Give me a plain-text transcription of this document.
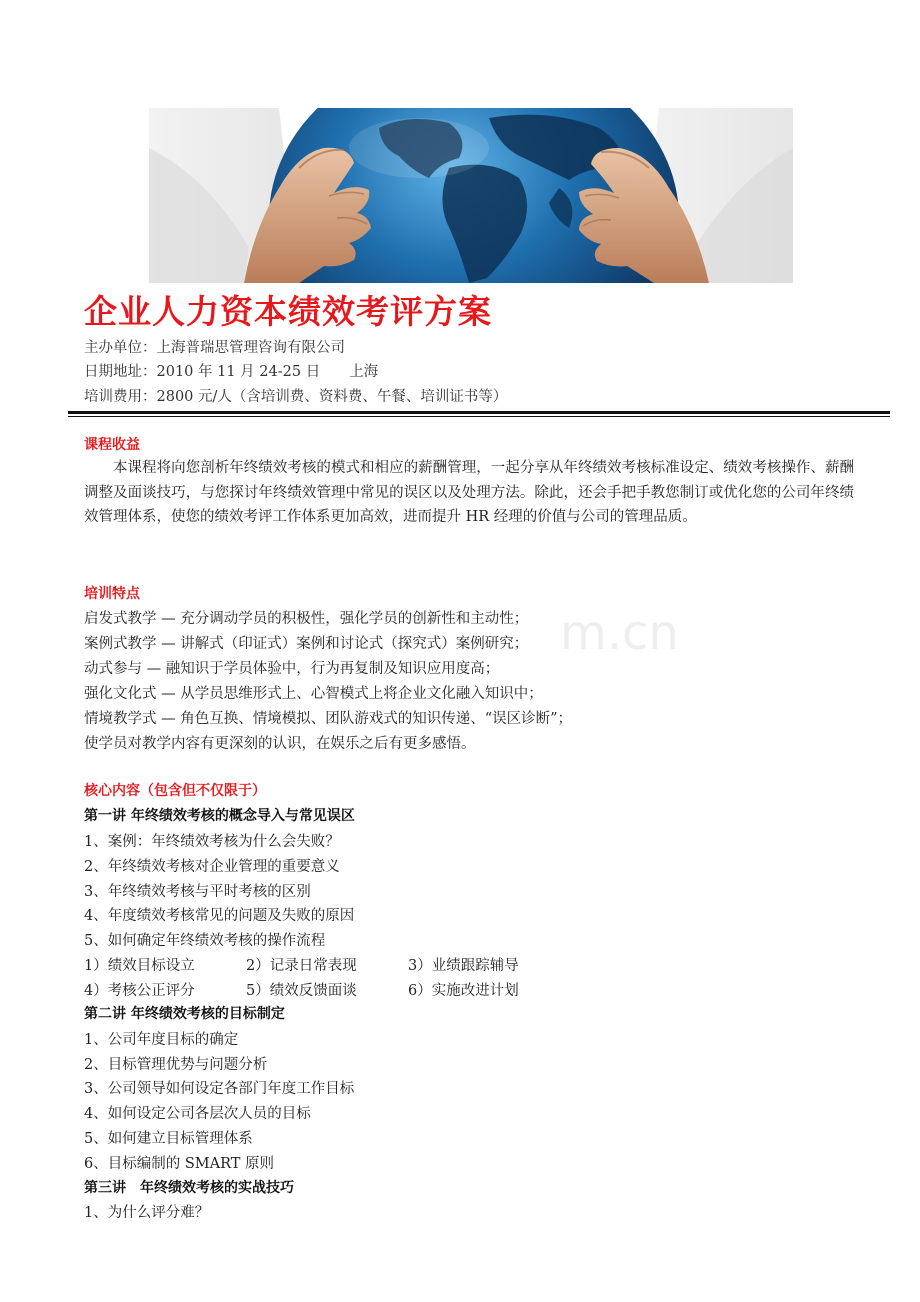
企业人力资本绩效考评方案
主办单位：上海普瑞思管理咨询有限公司
日期地址：2010 年 11 月 24-25 日　　上海
培训费用：2800 元/人（含培训费、资料费、午餐、培训证书等）
课程收益
本课程将向您剖析年终绩效考核的模式和相应的薪酬管理，一起分享从年终绩效考核标准设定、绩效考核操作、薪酬调整及面谈技巧，与您探讨年终绩效管理中常见的误区以及处理方法。除此，还会手把手教您制订或优化您的公司年终绩效管理体系，使您的绩效考评工作体系更加高效，进而提升 HR 经理的价值与公司的管理品质。
m.cn
培训特点
启发式教学 — 充分调动学员的积极性，强化学员的创新性和主动性；
案例式教学 — 讲解式（印证式）案例和讨论式（探究式）案例研究；
动式参与 — 融知识于学员体验中，行为再复制及知识应用度高；
强化文化式 — 从学员思维形式上、心智模式上将企业文化融入知识中；
情境教学式 — 角色互换、情境模拟、团队游戏式的知识传递、“误区诊断”；
使学员对教学内容有更深刻的认识，在娱乐之后有更多感悟。
核心内容（包含但不仅限于）
第一讲 年终绩效考核的概念导入与常见误区
1、案例：年终绩效考核为什么会失败？
2、年终绩效考核对企业管理的重要意义
3、年终绩效考核与平时考核的区别
4、年度绩效考核常见的问题及失败的原因
5、如何确定年终绩效考核的操作流程
1）绩效目标设立	2）记录日常表现	3）业绩跟踪辅导
4）考核公正评分	5）绩效反馈面谈	6）实施改进计划
第二讲 年终绩效考核的目标制定
1、公司年度目标的确定
2、目标管理优势与问题分析
3、公司领导如何设定各部门年度工作目标
4、如何设定公司各层次人员的目标
5、如何建立目标管理体系
6、目标编制的 SMART 原则
第三讲　年终绩效考核的实战技巧
1、为什么评分难？
